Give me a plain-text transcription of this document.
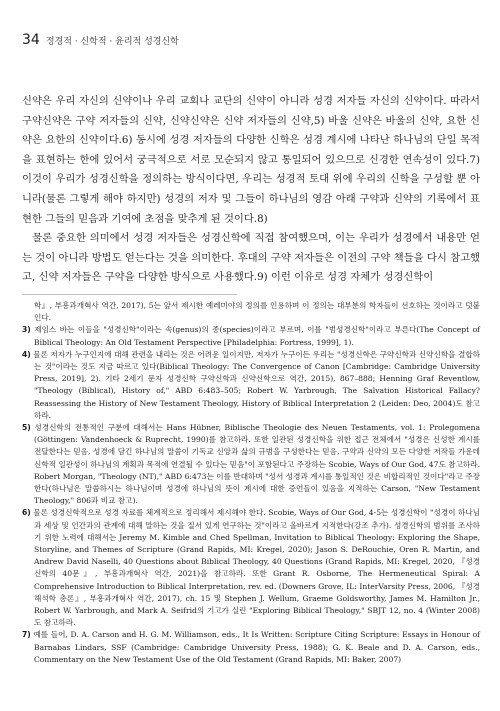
34 정경적 · 신학적 · 윤리적 성경신학

신약은 우리 자신의 신약이나 우리 교회나 교단의 신약이 아니라 성경 저자들 자신의 신약이다. 따라서 구약신약은 구약 저자들의 신약, 신약신약은 신약 저자들의 신약,5) 바울 신약은 바울의 신약, 요한 신약은 요한의 신약이다.6) 동시에 성경 저자들의 다양한 신학은 성경 계시에 나타난 하나님의 단일 목적을 표현하는 한에 있어서 궁극적으로 서로 모순되지 않고 통일되어 있으므로 신경한 연속성이 있다.7) 이것이 우리가 성경신학을 정의하는 방식이다면, 우리는 성경적 토대 위에 우리의 신학을 구성할 뿐 아니라(물론 그렇게 해야 하지만) 성경의 저자 및 그들이 하나님의 영감 아래 구약과 신약의 기록에서 표현한 그들의 믿음과 기여에 초점을 맞추게 된 것이다.8)

물론 중요한 의미에서 성경 저자들은 성경신학에 직접 참여했으며, 이는 우리가 성경에서 내용만 얻는 것이 아니라 방법도 얻는다는 것을 의미한다. 후대의 구약 저자들은 이전의 구약 책들을 다시 참고했고, 신약 저자들은 구약을 다양한 방식으로 사용했다.9) 이런 이유로 성경 자체가 성경신학이

학』, 부흥과개혁사 역간, 2017), 5는 앞서 제시한 예레미야의 정의를 인용하며 이 정의는 대부분의 학자들이 선호하는 것이라고 덧붙인다.

3) 제임스 바는 이들을 "성경신학"이라는 속(genus)의 종(species)이라고 부르며, 이를 "범성경신학"이라고 부른다(The Concept of Biblical Theology: An Old Testament Perspective [Philadelphia: Fortress, 1999], 1).

4) 물론 저자가 누구인지에 대해 관련을 내리는 것은 어려운 일이지만, 저자가 누구이든 우리는 "성경신학은 구약신학과 신약신학을 결합하는 것"이라는 것도 지금 따르고 있다(Biblical Theology: The Convergence of Canon [Cambridge: Cambridge University Press, 2019], 2). 기타 2세기 문자 성경신학 구약신학과 신약신학으로 역간, 2015), 867–888; Henning Graf Reventlow, "Theology (Biblical), History of," ABD 6:483–505; Robert W. Yarbrough, The Salvation Historical Fallacy? Reassessing the History of New Testament Theology, History of Biblical Interpretation 2 (Leiden: Deo, 2004)도 참고하라.

5) 성경신학의 전통적인 구분에 대해서는 Hans Hübner, Biblische Theologie des Neuen Testaments, vol. 1: Prolegomena (Göttingen: Vandenhoeck & Ruprecht, 1990)를 참고하라. 또한 일관된 성경신학을 위한 접근 전체에서 "성경은 신성한 계시를 전달한다는 믿음, 성경에 담긴 하나님의 말씀이 기독교 신앙과 삶의 규범을 구성한다는 믿음, 구약과 신약의 모든 다양한 저작들 가운데 신학적 일관성이 하나님의 계획과 목적에 연결될 수 있다는 믿음"이 포함된다고 주장하는 Scobie, Ways of Our God, 47도 참고하라. Robert Morgan, "Theology (NT)," ABD 6:473는 이를 반대하며 "성서 성경과 계시를 통일적인 것은 비합리적인 것이다"라고 주장한다(하나님은 말씀하시는 하나님이며 성경에 하나님의 뜻이 계시에 대한 증언들이 있음을 지적하는 Carson, "New Testament Theology," 806과 비교 참고).

6) 물론 성경신학적으로 성경 자료를 체계적으로 정리해서 제시해야 한다. Scobie, Ways of Our God, 4-5는 성경신학이 "성경이 하나님과 세상 및 인간과의 관계에 대해 말하는 것을 질서 있게 연구하는 것"이라고 올바르게 지적한다(강조 추가). 성경신학의 범위를 조사하기 위한 노력에 대해서는 Jeremy M. Kimble and Ched Spellman, Invitation to Biblical Theology: Exploring the Shape, Storyline, and Themes of Scripture (Grand Rapids, MI: Kregel, 2020); Jason S. DeRouchie, Oren R. Martin, and Andrew David Naselli, 40 Questions about Biblical Theology, 40 Questions (Grand Rapids, MI: Kregel, 2020, 『성경신학의 40문』, 부흥과개혁사 역간, 2021)을 참고하라. 또한 Grant R. Osborne, The Hermeneutical Spiral: A Comprehensive Introduction to Biblical Interpretation, rev. ed. (Downers Grove, IL: InterVarsity Press, 2006, 『성경해석학 총론』, 부흥과개혁사 역간, 2017), ch. 15 및 Stephen J. Wellum, Graeme Goldsworthy, James M. Hamilton Jr., Robert W. Yarbrough, and Mark A. Seifrid의 기고가 실린 "Exploring Biblical Theology," SBJT 12, no. 4 (Winter 2008)도 참고하라.

7) 예를 들어, D. A. Carson and H. G. M. Williamson, eds., It Is Written: Scripture Citing Scripture: Essays in Honour of Barnabas Lindars, SSF (Cambridge: Cambridge University Press, 1988); G. K. Beale and D. A. Carson, eds., Commentary on the New Testament Use of the Old Testament (Grand Rapids, MI: Baker, 2007)
